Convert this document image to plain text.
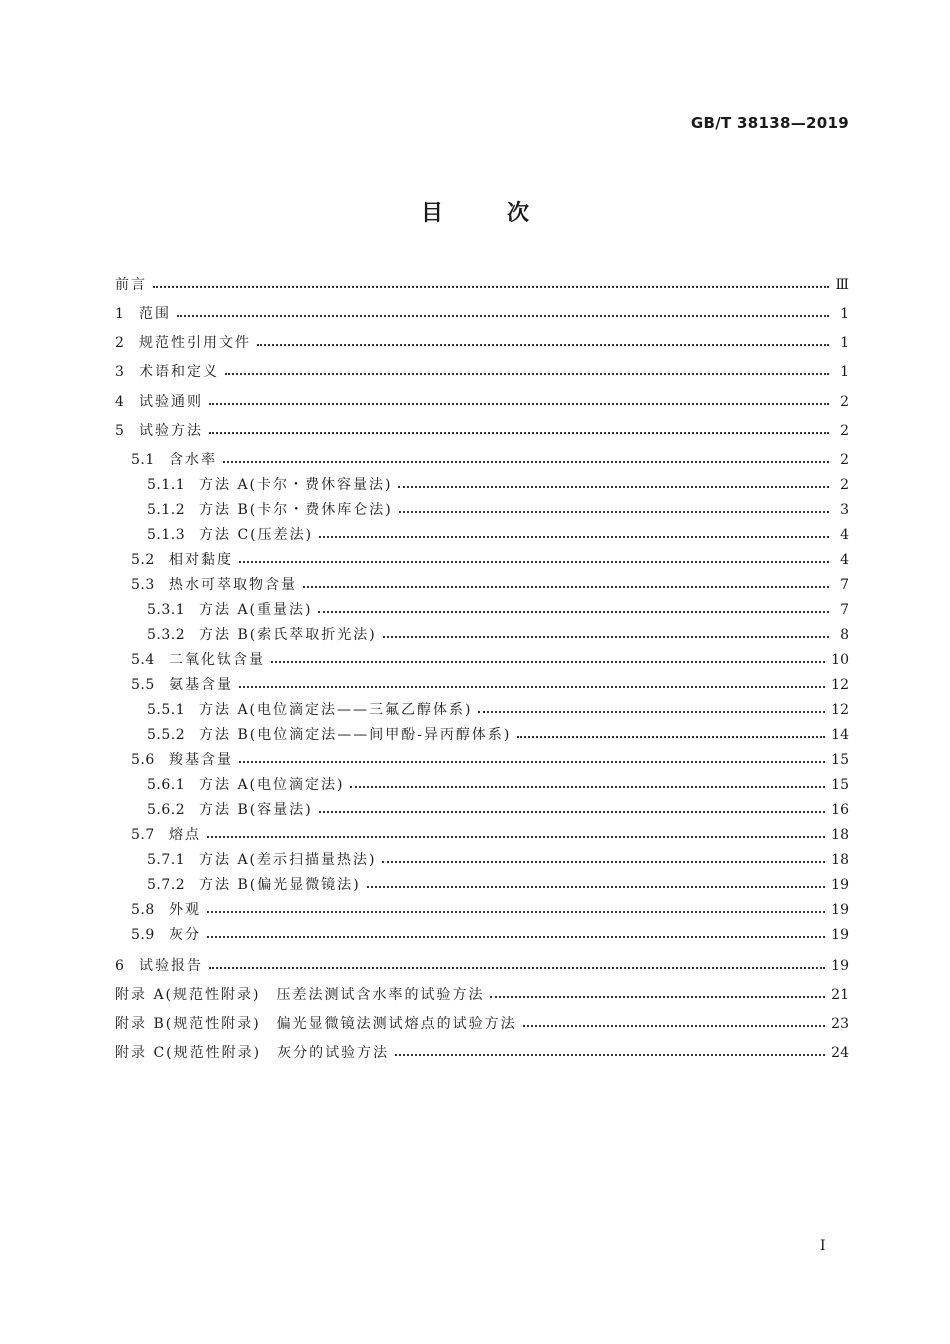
GB/T 38138—2019
目次
前言	Ⅲ
1	范围	1
2	规范性引用文件	1
3	术语和定义	1
4	试验通则	2
5	试验方法	2
5.1	含水率	2
5.1.1 方法 A(卡尔・费休容量法)	2
5.1.2 方法 B(卡尔・费休库仑法)	3
5.1.3 方法 C(压差法)	4
5.2	相对黏度	4
5.3	热水可萃取物含量	7
5.3.1 方法 A(重量法)	7
5.3.2 方法 B(索氏萃取折光法)	8
5.4	二氧化钛含量	10
5.5	氨基含量	12
5.5.1 方法 A(电位滴定法——三氟乙醇体系)	12
5.5.2 方法 B(电位滴定法——间甲酚-异丙醇体系)	14
5.6	羧基含量	15
5.6.1 方法 A(电位滴定法)	15
5.6.2 方法 B(容量法)	16
5.7	熔点	18
5.7.1 方法 A(差示扫描量热法)	18
5.7.2 方法 B(偏光显微镜法)	19
5.8	外观	19
5.9	灰分	19
6	试验报告	19
附录 A(规范性附录)　压差法测试含水率的试验方法	21
附录 B(规范性附录)　偏光显微镜法测试熔点的试验方法	23
附录 C(规范性附录)　灰分的试验方法	24
I
